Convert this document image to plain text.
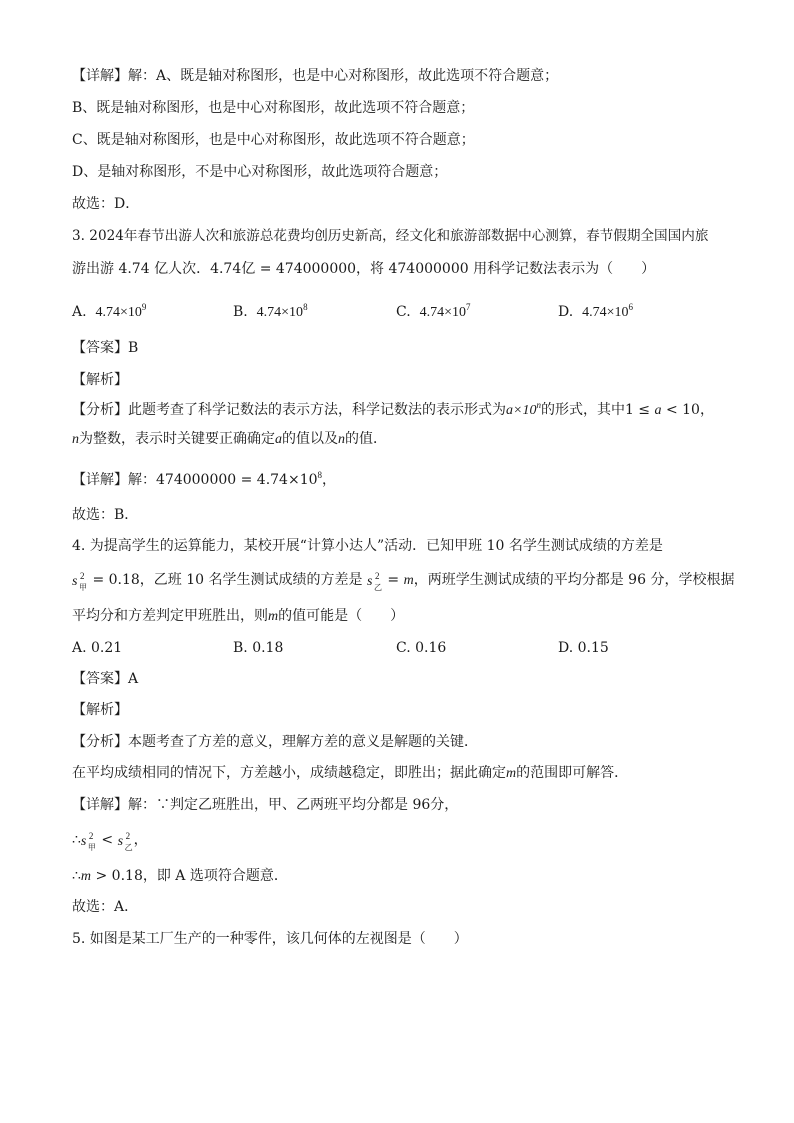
【详解】解：A、既是轴对称图形，也是中心对称图形，故此选项不符合题意；
B、既是轴对称图形，也是中心对称图形，故此选项不符合题意；
C、既是轴对称图形，也是中心对称图形，故此选项不符合题意；
D、是轴对称图形，不是中心对称图形，故此选项符合题意；
故选：D．
3. 2024年春节出游人次和旅游总花费均创历史新高，经文化和旅游部数据中心测算，春节假期全国国内旅
游出游 4.74 亿人次．4.74亿 = 474000000，将 474000000 用科学记数法表示为（　　）
A. $4.74\times 10^9$	B. $4.74\times 10^8$	C. $4.74\times 10^7$	D. $4.74\times 10^6$
【答案】B
【解析】
【分析】此题考查了科学记数法的表示方法，科学记数法的表示形式为$a\times 10^n$的形式，其中1 ≤ a < 10，
n为整数，表示时关键要正确确定a的值以及n的值．
【详解】解：$474000000 = 4.74\times 10^8$，
故选：B．
4. 为提高学生的运算能力，某校开展“计算小达人”活动．已知甲班 10 名学生测试成绩的方差是
s 2
甲 = 0.18，乙班 10 名学生测试成绩的方差是 s 2
乙 = m，两班学生测试成绩的平均分都是 96 分，学校根据
平均分和方差判定甲班胜出，则m的值可能是（　　）
A. 0.21	B. 0.18	C. 0.16	D. 0.15
【答案】A
【解析】
【分析】本题考查了方差的意义，理解方差的意义是解题的关键．
在平均成绩相同的情况下，方差越小，成绩越稳定，即胜出；据此确定m的范围即可解答．
【详解】解：∵判定乙班胜出，甲、乙两班平均分都是 96分，
∴ s 2
甲 < s 2
乙 ，
∴m > 0.18，即 A 选项符合题意．
故选：A．
5. 如图是某工厂生产的一种零件，该几何体的左视图是（　　）
